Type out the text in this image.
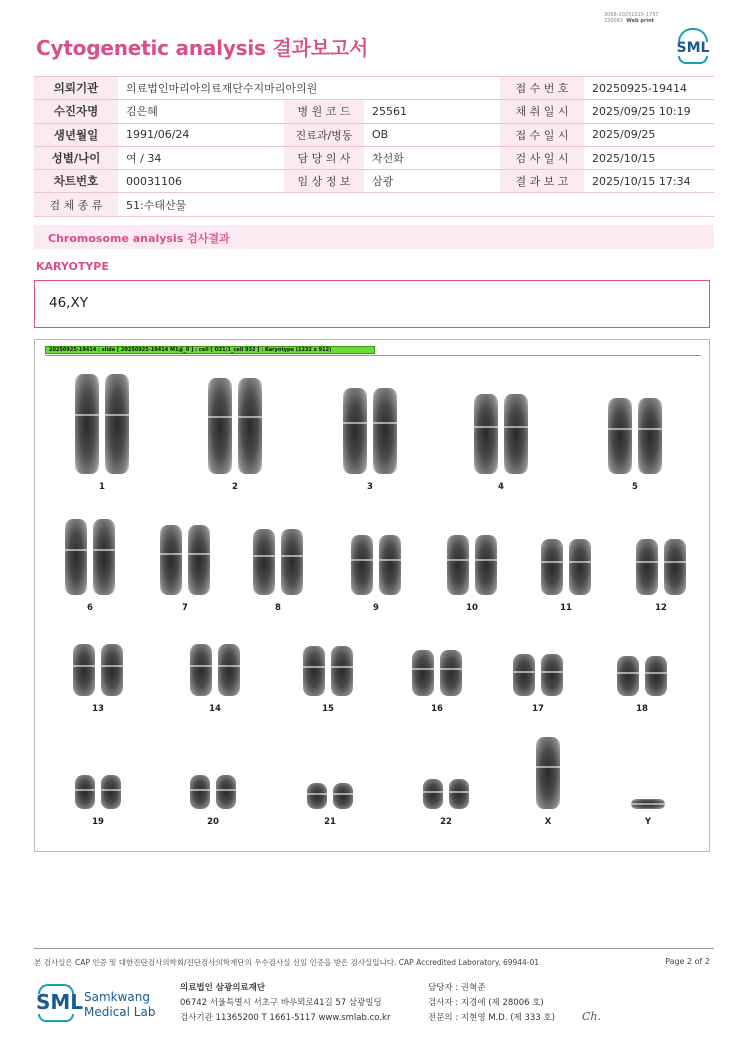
3068-20251015-1737
230083 Web print
Cytogenetic analysis 결과보고서	SML
의뢰기관	의료법인마리아의료재단수지마리아의원			접 수 번 호	20250925-19414
수진자명	김은혜	병 원 코 드	25561	채 취 일 시	2025/09/25 10:19
생년월일	1991/06/24	진료과/병동	OB	접 수 일 시	2025/09/25
성별/나이	여 / 34	담 당 의 사	차선화	검 사 일 시	2025/10/15
차트번호	00031106	임 상 정 보	삼광	결 과 보 고	2025/10/15 17:34
검 체 종 류	51:수태산물				
Chromosome analysis 검사결과
KARYOTYPE
46,XY
20250925-19414 : slide [ 20250925-19414 M1@_0 ] : cell [ O21/1_cell 932 ] : Karyotype (1232 x 912)
1	2	3	4	5
6	7	8	9	10	11	12
13	14	15	16	17	18
19	20	21	22	X	Y
본 검사실은 CAP 인증 및 대한진단검사의학회/진단검사의학재단의 우수검사실 신임 인증을 받은 검사실입니다. CAP Accredited Laboratory. 69944-01	Page 2 of 2
SML Samkwang
Medical Lab
의료법인 삼광의료재단
06742 서울특별시 서초구 바우뫼로41길 57 삼광빌딩
검사기관 11365200 T 1661-5117 www.smlab.co.kr
담당자 : 권혁준
검사자 : 지경애 (제 28006 호)
전문의 : 지현영 M.D. (제 333 호) Ch.
